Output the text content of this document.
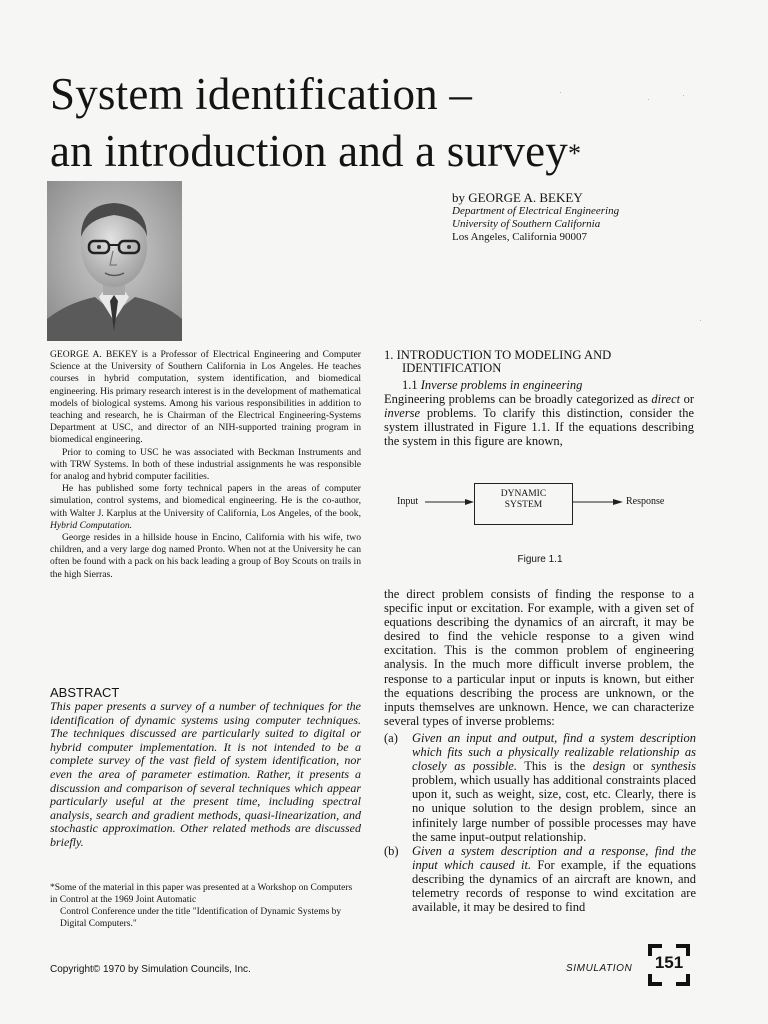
System identification –
an introduction and a survey*
by GEORGE A. BEKEY
Department of Electrical Engineering
University of Southern California
Los Angeles, California 90007

GEORGE A. BEKEY is a Professor of Electrical Engineering and Computer Science at the University of Southern California in Los Angeles. He teaches courses in hybrid computation, system identification, and biomedical engineering. His primary research interest is in the development of mathematical models of biological systems. Among his various responsibilities in addition to teaching and research, he is Chairman of the Electrical Engineering-Systems Department at USC, and director of an NIH-supported training program in biomedical engineering.

Prior to coming to USC he was associated with Beckman Instruments and with TRW Systems. In both of these industrial assignments he was responsible for analog and hybrid computer facilities.

He has published some forty technical papers in the areas of computer simulation, control systems, and biomedical engineering. He is the co-author, with Walter J. Karplus at the University of California, Los Angeles, of the book, Hybrid Computation.

George resides in a hillside house in Encino, California with his wife, two children, and a very large dog named Pronto. When not at the University he can often be found with a pack on his back leading a group of Boy Scouts on trails in the high Sierras.

ABSTRACT
This paper presents a survey of a number of techniques for the identification of dynamic systems using computer techniques. The techniques discussed are particularly suited to digital or hybrid computer implementation. It is not intended to be a complete survey of the vast field of system identification, nor even the area of parameter estimation. Rather, it presents a discussion and comparison of several techniques which appear particularly useful at the present time, including spectral analysis, search and gradient methods, quasi-linearization, and stochastic approximation. Other related methods are discussed briefly.
*Some of the material in this paper was presented at a Workshop on Computers in Control at the 1969 Joint Automatic
Control Conference under the title "Identification of Dynamic Systems by Digital Computers."
Copyright© 1970 by Simulation Councils, Inc.
1. INTRODUCTION TO MODELING AND
IDENTIFICATION
1.1 Inverse problems in engineering

Engineering problems can be broadly categorized as direct or inverse problems. To clarify this distinction, consider the system illustrated in Figure 1.1. If the equations describing the system in this figure are known,

Input
DYNAMIC
SYSTEM	Response
Figure 1.1

the direct problem consists of finding the response to a specific input or excitation. For example, with a given set of equations describing the dynamics of an aircraft, it may be desired to find the vehicle response to a given wind excitation. This is the common problem of engineering analysis. In the much more difficult inverse problem, the response to a particular input or inputs is known, but either the equations describing the process are unknown, or the inputs themselves are unknown. Hence, we can characterize several types of inverse problems:

(a)	Given an input and output, find a system description which fits such a physically realizable relationship as closely as possible. This is the design or synthesis problem, which usually has additional constraints placed upon it, such as weight, size, cost, etc. Clearly, there is no unique solution to the design problem, since an infinitely large number of possible processes may have the same input-output relationship.
(b)	Given a system description and a response, find the input which caused it. For example, if the equations describing the dynamics of an aircraft are known, and telemetry records of response to wind excitation are available, it may be desired to find
SIMULATION	151
